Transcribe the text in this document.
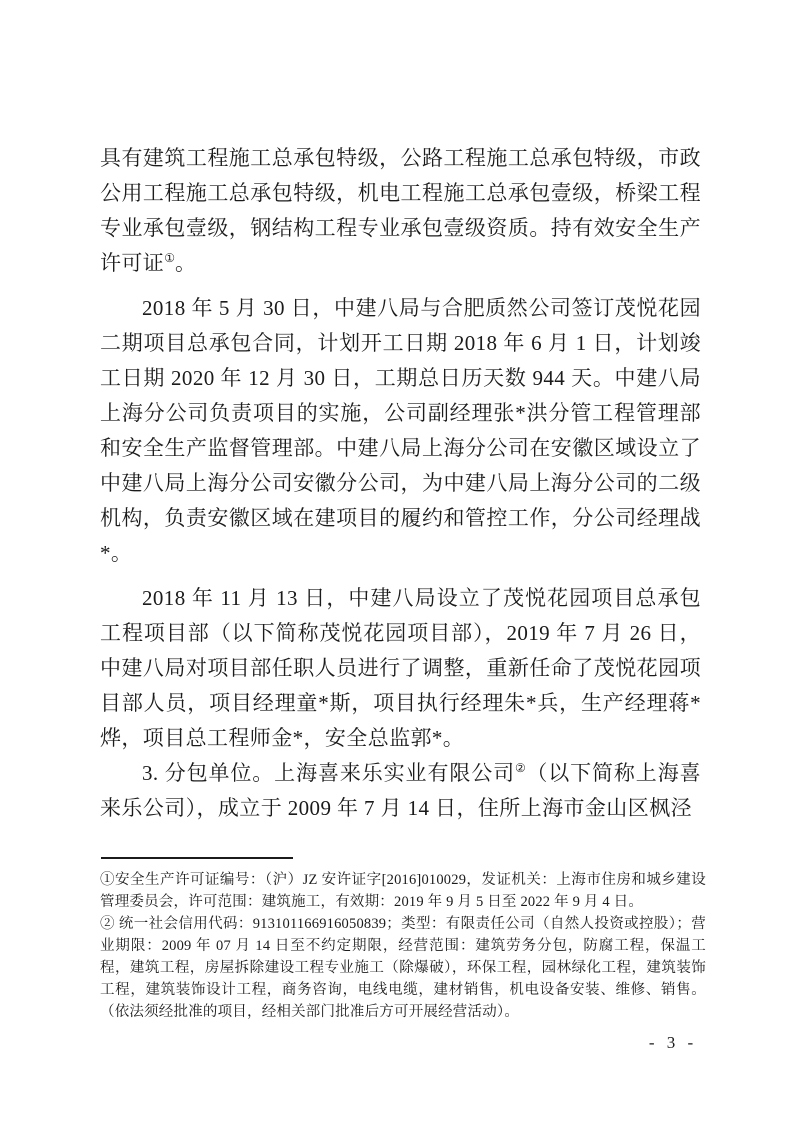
具有建筑工程施工总承包特级，公路工程施工总承包特级，市政公用工程施工总承包特级，机电工程施工总承包壹级，桥梁工程专业承包壹级，钢结构工程专业承包壹级资质。持有效安全生产许可证①。

2018 年 5 月 30 日，中建八局与合肥质然公司签订茂悦花园二期项目总承包合同，计划开工日期 2018 年 6 月 1 日，计划竣工日期 2020 年 12 月 30 日，工期总日历天数 944 天。中建八局上海分公司负责项目的实施，公司副经理张*洪分管工程管理部和安全生产监督管理部。中建八局上海分公司在安徽区域设立了中建八局上海分公司安徽分公司，为中建八局上海分公司的二级机构，负责安徽区域在建项目的履约和管控工作，分公司经理战*。

2018 年 11 月 13 日，中建八局设立了茂悦花园项目总承包工程项目部（以下简称茂悦花园项目部），2019 年 7 月 26 日，中建八局对项目部任职人员进行了调整，重新任命了茂悦花园项目部人员，项目经理童*斯，项目执行经理朱*兵，生产经理蒋*烨，项目总工程师金*，安全总监郭*。

3. 分包单位。上海喜来乐实业有限公司②（以下简称上海喜来乐公司），成立于 2009 年 7 月 14 日，住所上海市金山区枫泾

①安全生产许可证编号：（沪）JZ 安许证字[2016]010029，发证机关：上海市住房和城乡建设管理委员会，许可范围：建筑施工，有效期：2019 年 9 月 5 日至 2022 年 9 月 4 日。

② 统一社会信用代码：913101166916050839；类型：有限责任公司（自然人投资或控股）；营业期限：2009 年 07 月 14 日至不约定期限，经营范围：建筑劳务分包，防腐工程，保温工程，建筑工程，房屋拆除建设工程专业施工（除爆破），环保工程，园林绿化工程，建筑装饰工程，建筑装饰设计工程，商务咨询，电线电缆，建材销售，机电设备安装、维修、销售。（依法须经批准的项目，经相关部门批准后方可开展经营活动）。

- 3 -
